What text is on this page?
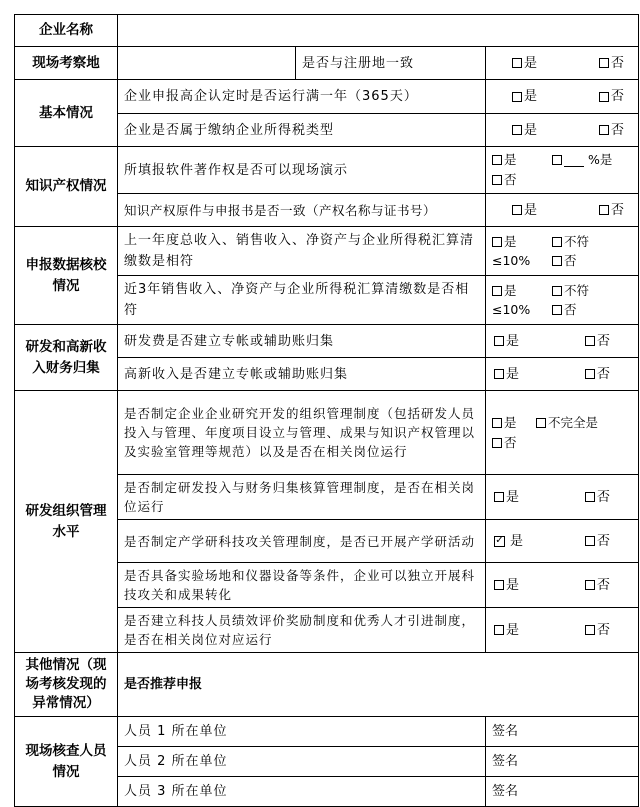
企业名称			
现场考察地		是否与注册地一致	是 否

基本情况	企业申报高企认定时是否运行满一年（365天）		是 否

	企业是否属于缴纳企业所得税类型		是 否

知识产权情况	所填报软件著作权是否可以现场演示		是 %是
否

	知识产权原件与申报书是否一致（产权名称与证书号）		是 否

申报数据核校情况	上一年度总收入、销售收入、净资产与企业所得税汇算清缴数是相符		是 不符
≤10% 否

	近3年销售收入、净资产与企业所得税汇算清缴数是否相符		是 不符
≤10% 否

研发和高新收入财务归集	研发费是否建立专帐或辅助账归集		是 否

	高新收入是否建立专帐或辅助账归集		是 否

研发组织管理水平	是否制定企业企业研究开发的组织管理制度（包括研发人员投入与管理、年度项目设立与管理、成果与知识产权管理以及实验室管理等规范）以及是否在相关岗位运行		是 不完全是
否

	是否制定研发投入与财务归集核算管理制度，是否在相关岗位运行		是 否

	是否制定产学研科技攻关管理制度，是否已开展产学研活动		✓ 是 否

	是否具备实验场地和仪器设备等条件，企业可以独立开展科技攻关和成果转化		是 否

	是否建立科技人员绩效评价奖励制度和优秀人才引进制度，是否在相关岗位对应运行		是 否

其他情况（现场考核发现的异常情况）	是否推荐申报		
现场核查人员情况	人员 1 所在单位		签名
	人员 2 所在单位		签名
	人员 3 所在单位		签名
